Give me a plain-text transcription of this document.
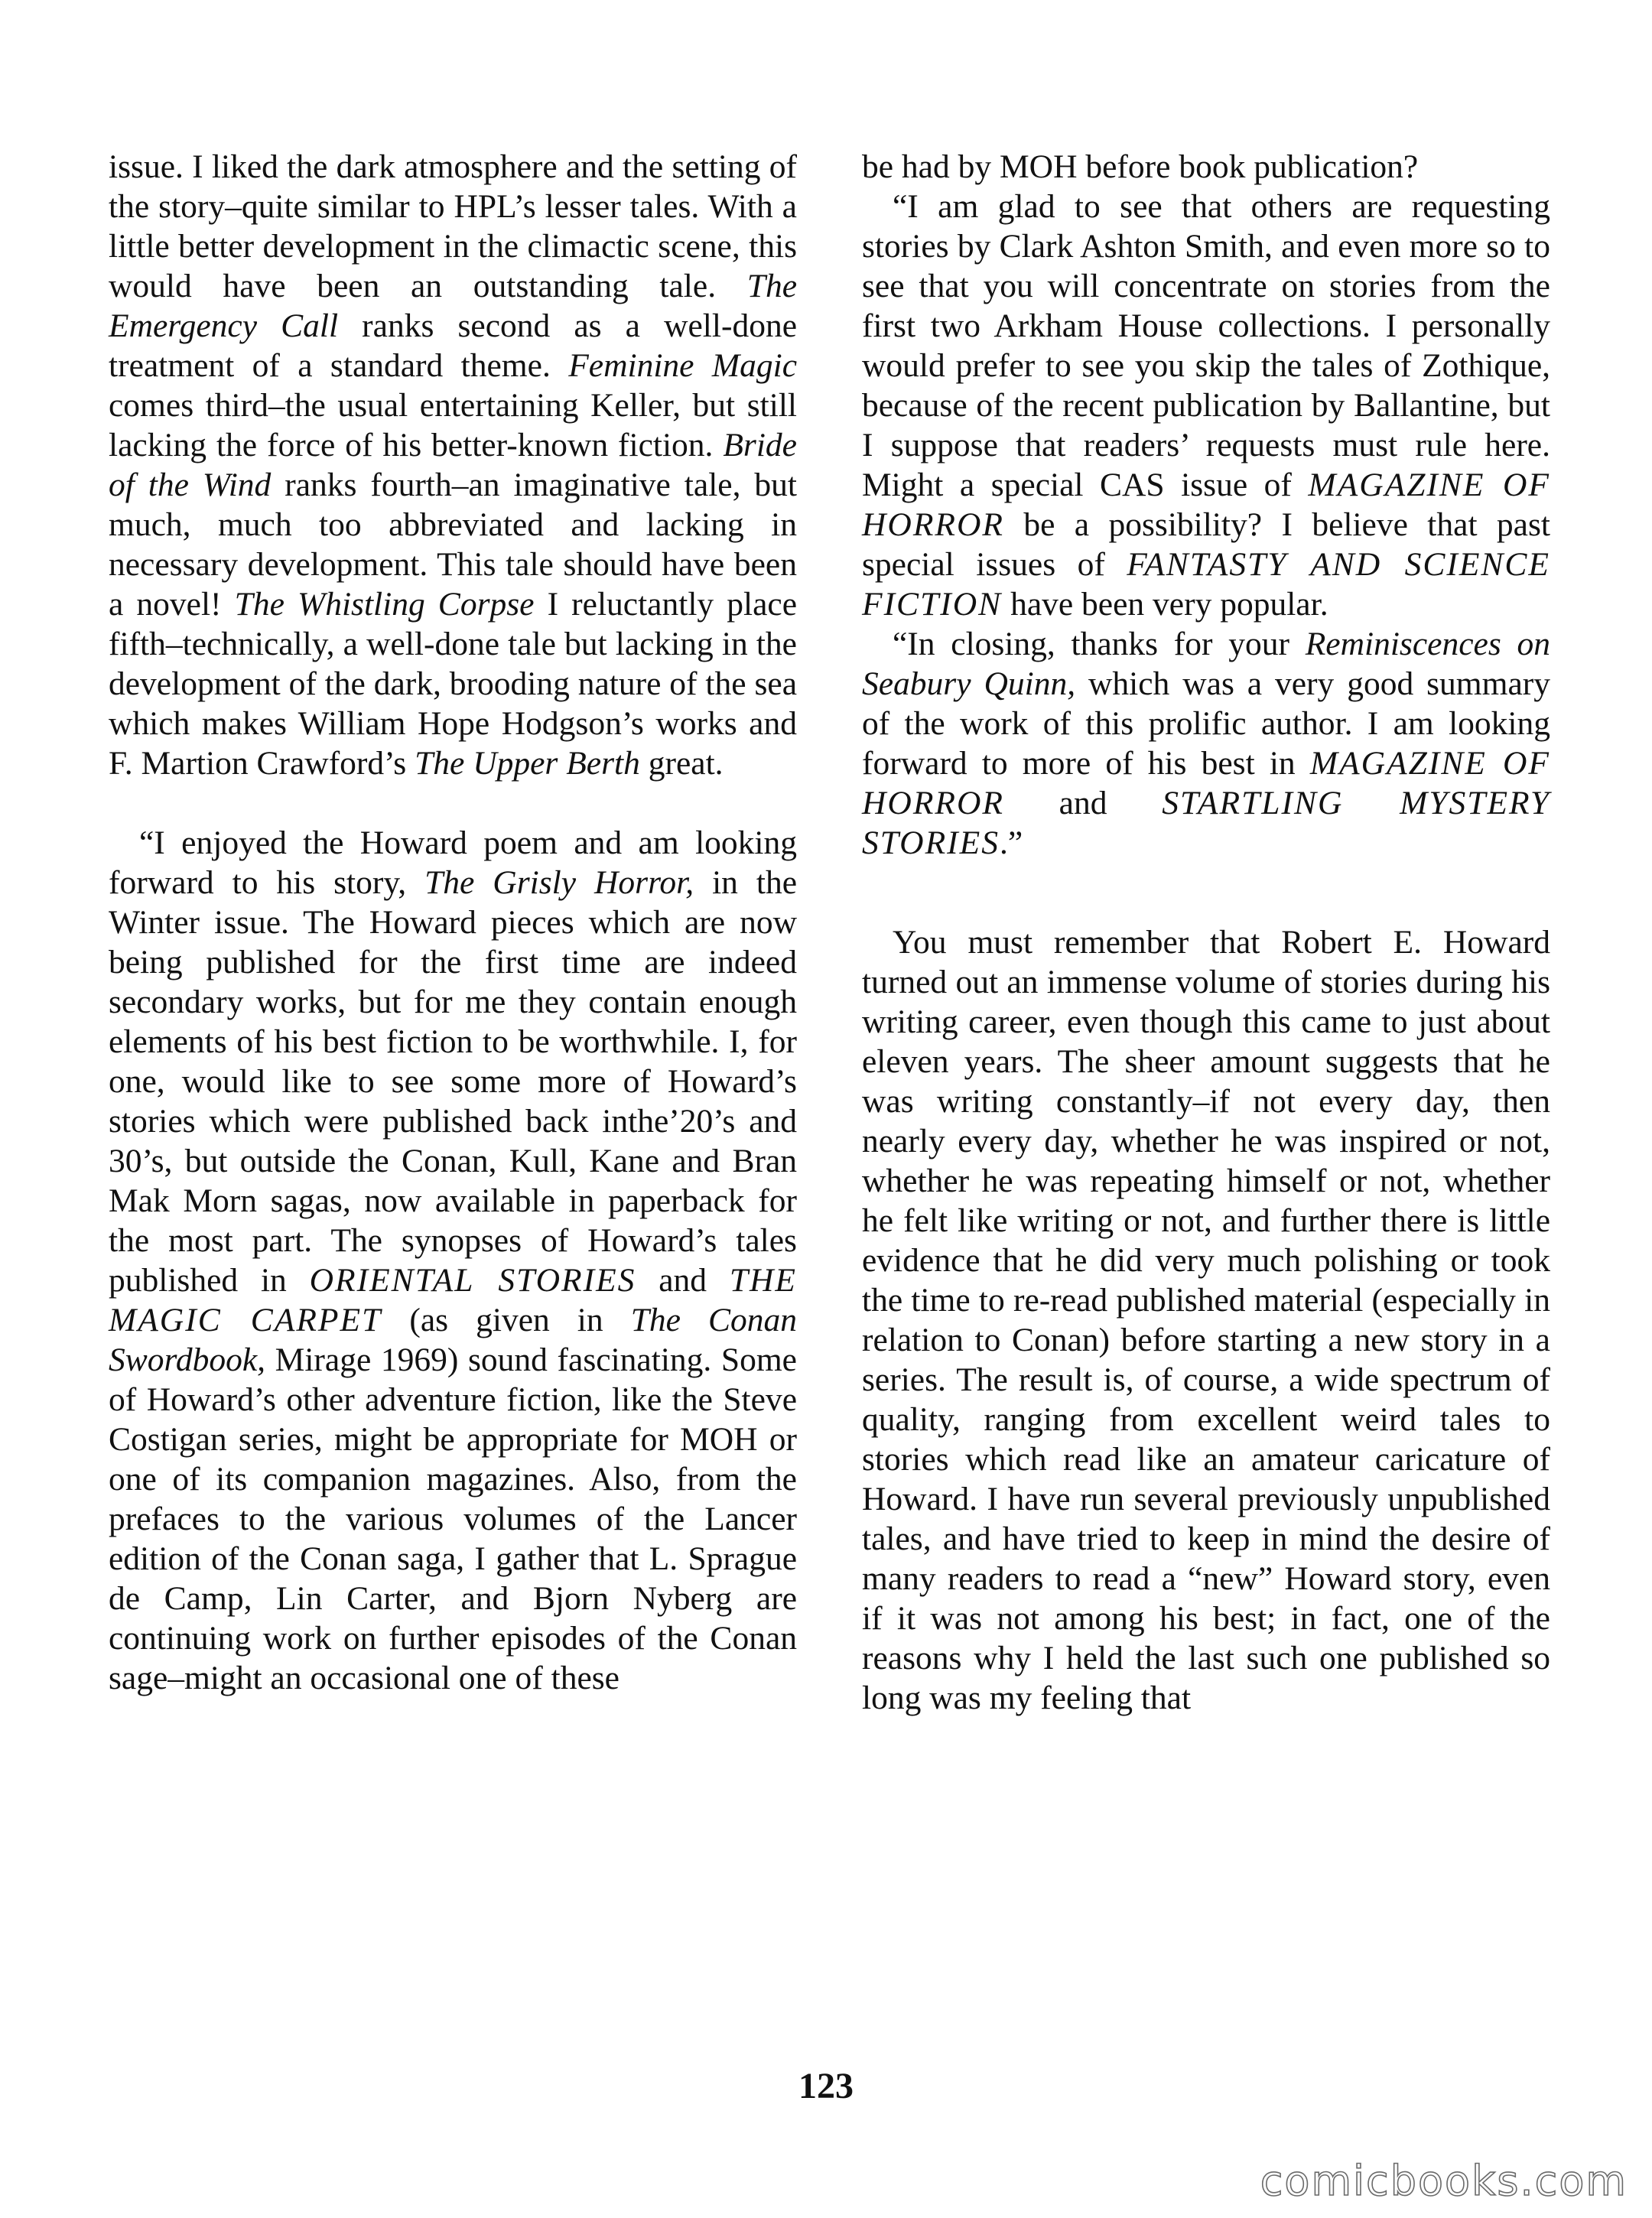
issue. I liked the dark atmosphere and the setting of the story–quite similar to HPL’s lesser tales. With a little better development in the climactic scene, this would have been an outstanding tale. The Emergency Call ranks second as a well-done treatment of a standard theme. Feminine Magic comes third–the usual entertaining Keller, but still lacking the force of his better-known fiction. Bride of the Wind ranks fourth–an imaginative tale, but much, much too abbreviated and lacking in necessary development. This tale should have been a novel! The Whistling Corpse I reluctantly place fifth–technically, a well-done tale but lacking in the development of the dark, brooding nature of the sea which makes William Hope Hodgson’s works and F. Martion Crawford’s The Upper Berth great.

“I enjoyed the Howard poem and am looking forward to his story, The Grisly Horror, in the Winter issue. The Howard pieces which are now being published for the first time are indeed secondary works, but for me they contain enough elements of his best fiction to be worthwhile. I, for one, would like to see some more of Howard’s stories which were published back inthe’20’s and 30’s, but outside the Conan, Kull, Kane and Bran Mak Morn sagas, now available in paperback for the most part. The synopses of Howard’s tales published in ORIENTAL STORIES and THE MAGIC CARPET (as given in The Conan Swordbook, Mirage 1969) sound fascinating. Some of Howard’s other adventure fiction, like the Steve Costigan series, might be appropriate for MOH or one of its companion magazines. Also, from the prefaces to the various volumes of the Lancer edition of the Conan saga, I gather that L. Sprague de Camp, Lin Carter, and Bjorn Nyberg are continuing work on further episodes of the Conan sage–might an occasional one of these

be had by MOH before book publication?

“I am glad to see that others are requesting stories by Clark Ashton Smith, and even more so to see that you will concentrate on stories from the first two Arkham House collections. I personally would prefer to see you skip the tales of Zothique, because of the recent publication by Ballantine, but I suppose that readers’ requests must rule here. Might a special CAS issue of MAGAZINE OF HORROR be a possibility? I believe that past special issues of FANTASTY AND SCIENCE FICTION have been very popular.

“In closing, thanks for your Reminiscences on Seabury Quinn, which was a very good summary of the work of this prolific author. I am looking forward to more of his best in MAGAZINE OF HORROR and STARTLING MYSTERY STORIES.”

You must remember that Robert E. Howard turned out an immense volume of stories during his writing career, even though this came to just about eleven years. The sheer amount suggests that he was writing constantly–if not every day, then nearly every day, whether he was inspired or not, whether he was repeating himself or not, whether he felt like writing or not, and further there is little evidence that he did very much polishing or took the time to re-read published material (especially in relation to Conan) before starting a new story in a series. The result is, of course, a wide spectrum of quality, ranging from excellent weird tales to stories which read like an amateur caricature of Howard. I have run several previously unpublished tales, and have tried to keep in mind the desire of many readers to read a “new” Howard story, even if it was not among his best; in fact, one of the reasons why I held the last such one published so long was my feeling that

123
comicbooks.com
